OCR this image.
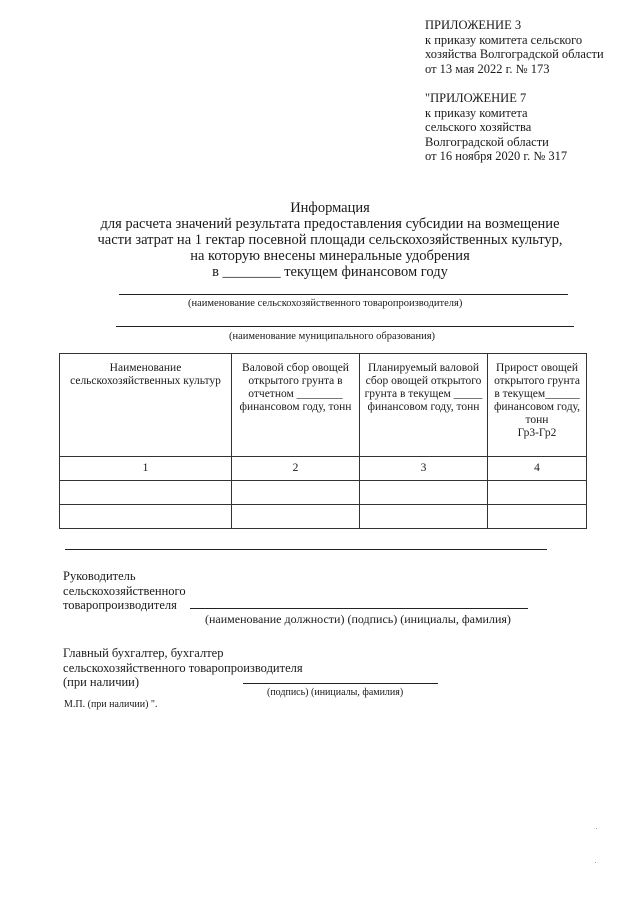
ПРИЛОЖЕНИЕ 3
к приказу комитета сельского
хозяйства Волгоградской области
от 13 мая 2022 г. № 173
"ПРИЛОЖЕНИЕ 7
к приказу комитета
сельского хозяйства
Волгоградской области
от 16 ноября 2020 г. № 317
Информация
для расчета значений результата предоставления субсидии на возмещение
части затрат на 1 гектар посевной площади сельскохозяйственных культур,
на которую внесены минеральные удобрения
в ________ текущем финансовом году
(наименование сельскохозяйственного товаропроизводителя)
(наименование муниципального образования)
Наименование сельскохозяйственных культур	Валовой сбор овощей открытого грунта в отчетном ________ финансовом году, тонн	Планируемый валовой сбор овощей открытого грунта в текущем _____ финансовом году, тонн	Прирост овощей открытого грунта в текущем______ финансовом году, тонн
Гр3-Гр2

1	2	3	4

Руководитель
сельскохозяйственного
товаропроизводителя
(наименование должности) (подпись) (инициалы, фамилия)
Главный бухгалтер, бухгалтер
сельскохозяйственного товаропроизводителя
(при наличии)
(подпись) (инициалы, фамилия)
М.П. (при наличии) ".
